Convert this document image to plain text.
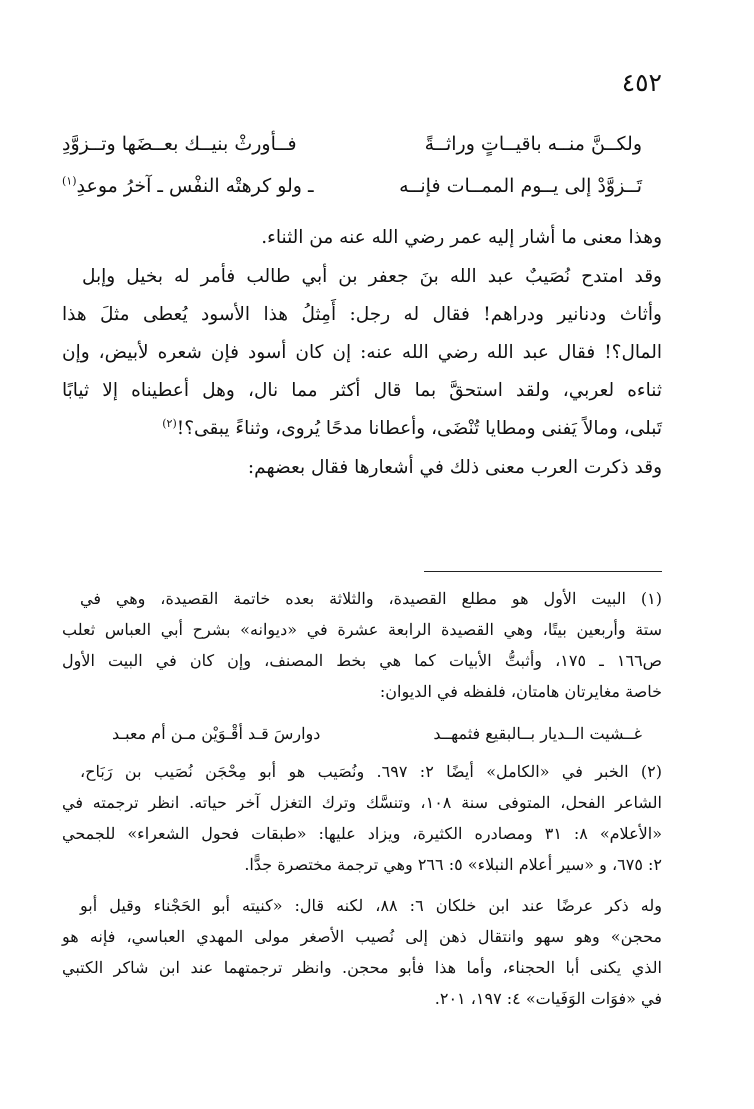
٤٥٢
ولكــنَّ منــه باقيــاتٍ وراثــةً
فــأورثْ بنيــك بعــضَها وتــزوَّدِ
تَــزوَّدْ إلى يــوم الممــات فإنــه
ـ ولو كرهتْه النفْس ـ آخرُ موعدِ$^{(١)}$
وهذا معنى ما أشار إليه عمر رضي الله عنه من الثناء.
وقد امتدح نُصَيبٌ عبد الله بنَ جعفر بن أبي طالب فأمر له بخيل وإبل
وأثاث ودنانير ودراهم! فقال له رجل: أَمِثلُ هذا الأسود يُعطى مثلَ هذا
المال؟! فقال عبد الله رضي الله عنه: إن كان أسود فإن شعره لأبيض، وإن
ثناءه لعربي، ولقد استحقَّ بما قال أكثر مما نال، وهل أعطيناه إلا ثيابًا
تَبلى، ومالاً يَفنى ومطايا تُنْضَى، وأعطانا مدحًا يُروى، وثناءً يبقى؟!$^{(٢)}$
وقد ذكرت العرب معنى ذلك في أشعارها فقال بعضهم:
(١) البيت الأول هو مطلع القصيدة، والثلاثة بعده خاتمة القصيدة، وهي في
ستة وأربعين بيتًا، وهي القصيدة الرابعة عشرة في «ديوانه» بشرح أبي العباس ثعلب
ص١٦٦ ـ ١٧٥، وأثبتُّ الأبيات كما هي بخط المصنف، وإن كان في البيت الأول
خاصة مغايرتان هامتان، فلفظه في الديوان:
غــشيت الــديار بــالبقيع فثمهــد
دوارسَ قـد أقْـوَيْن مـن أم معبـد
(٢) الخبر في «الكامل» أيضًا ٢: ٦٩٧. ونُصَيب هو أبو مِحْجَن نُصَيب بن رَبَاح،
الشاعر الفحل، المتوفى سنة ١٠٨، وتنسَّك وترك التغزل آخر حياته. انظر ترجمته في
«الأعلام» ٨: ٣١ ومصادره الكثيرة، ويزاد عليها: «طبقات فحول الشعراء» للجمحي
٢: ٦٧٥، و «سير أعلام النبلاء» ٥: ٢٦٦ وهي ترجمة مختصرة جدًّا.
وله ذكر عرضًا عند ابن خلكان ٦: ٨٨، لكنه قال: «كنيته أبو الحَجْناء وقيل أبو
محجن» وهو سهو وانتقال ذهن إلى نُصيب الأصغر مولى المهدي العباسي، فإنه هو
الذي يكنى أبا الحجناء، وأما هذا فأبو محجن. وانظر ترجمتهما عند ابن شاكر الكتبي
في «فوَات الوَفَيات» ٤: ١٩٧، ٢٠١.
